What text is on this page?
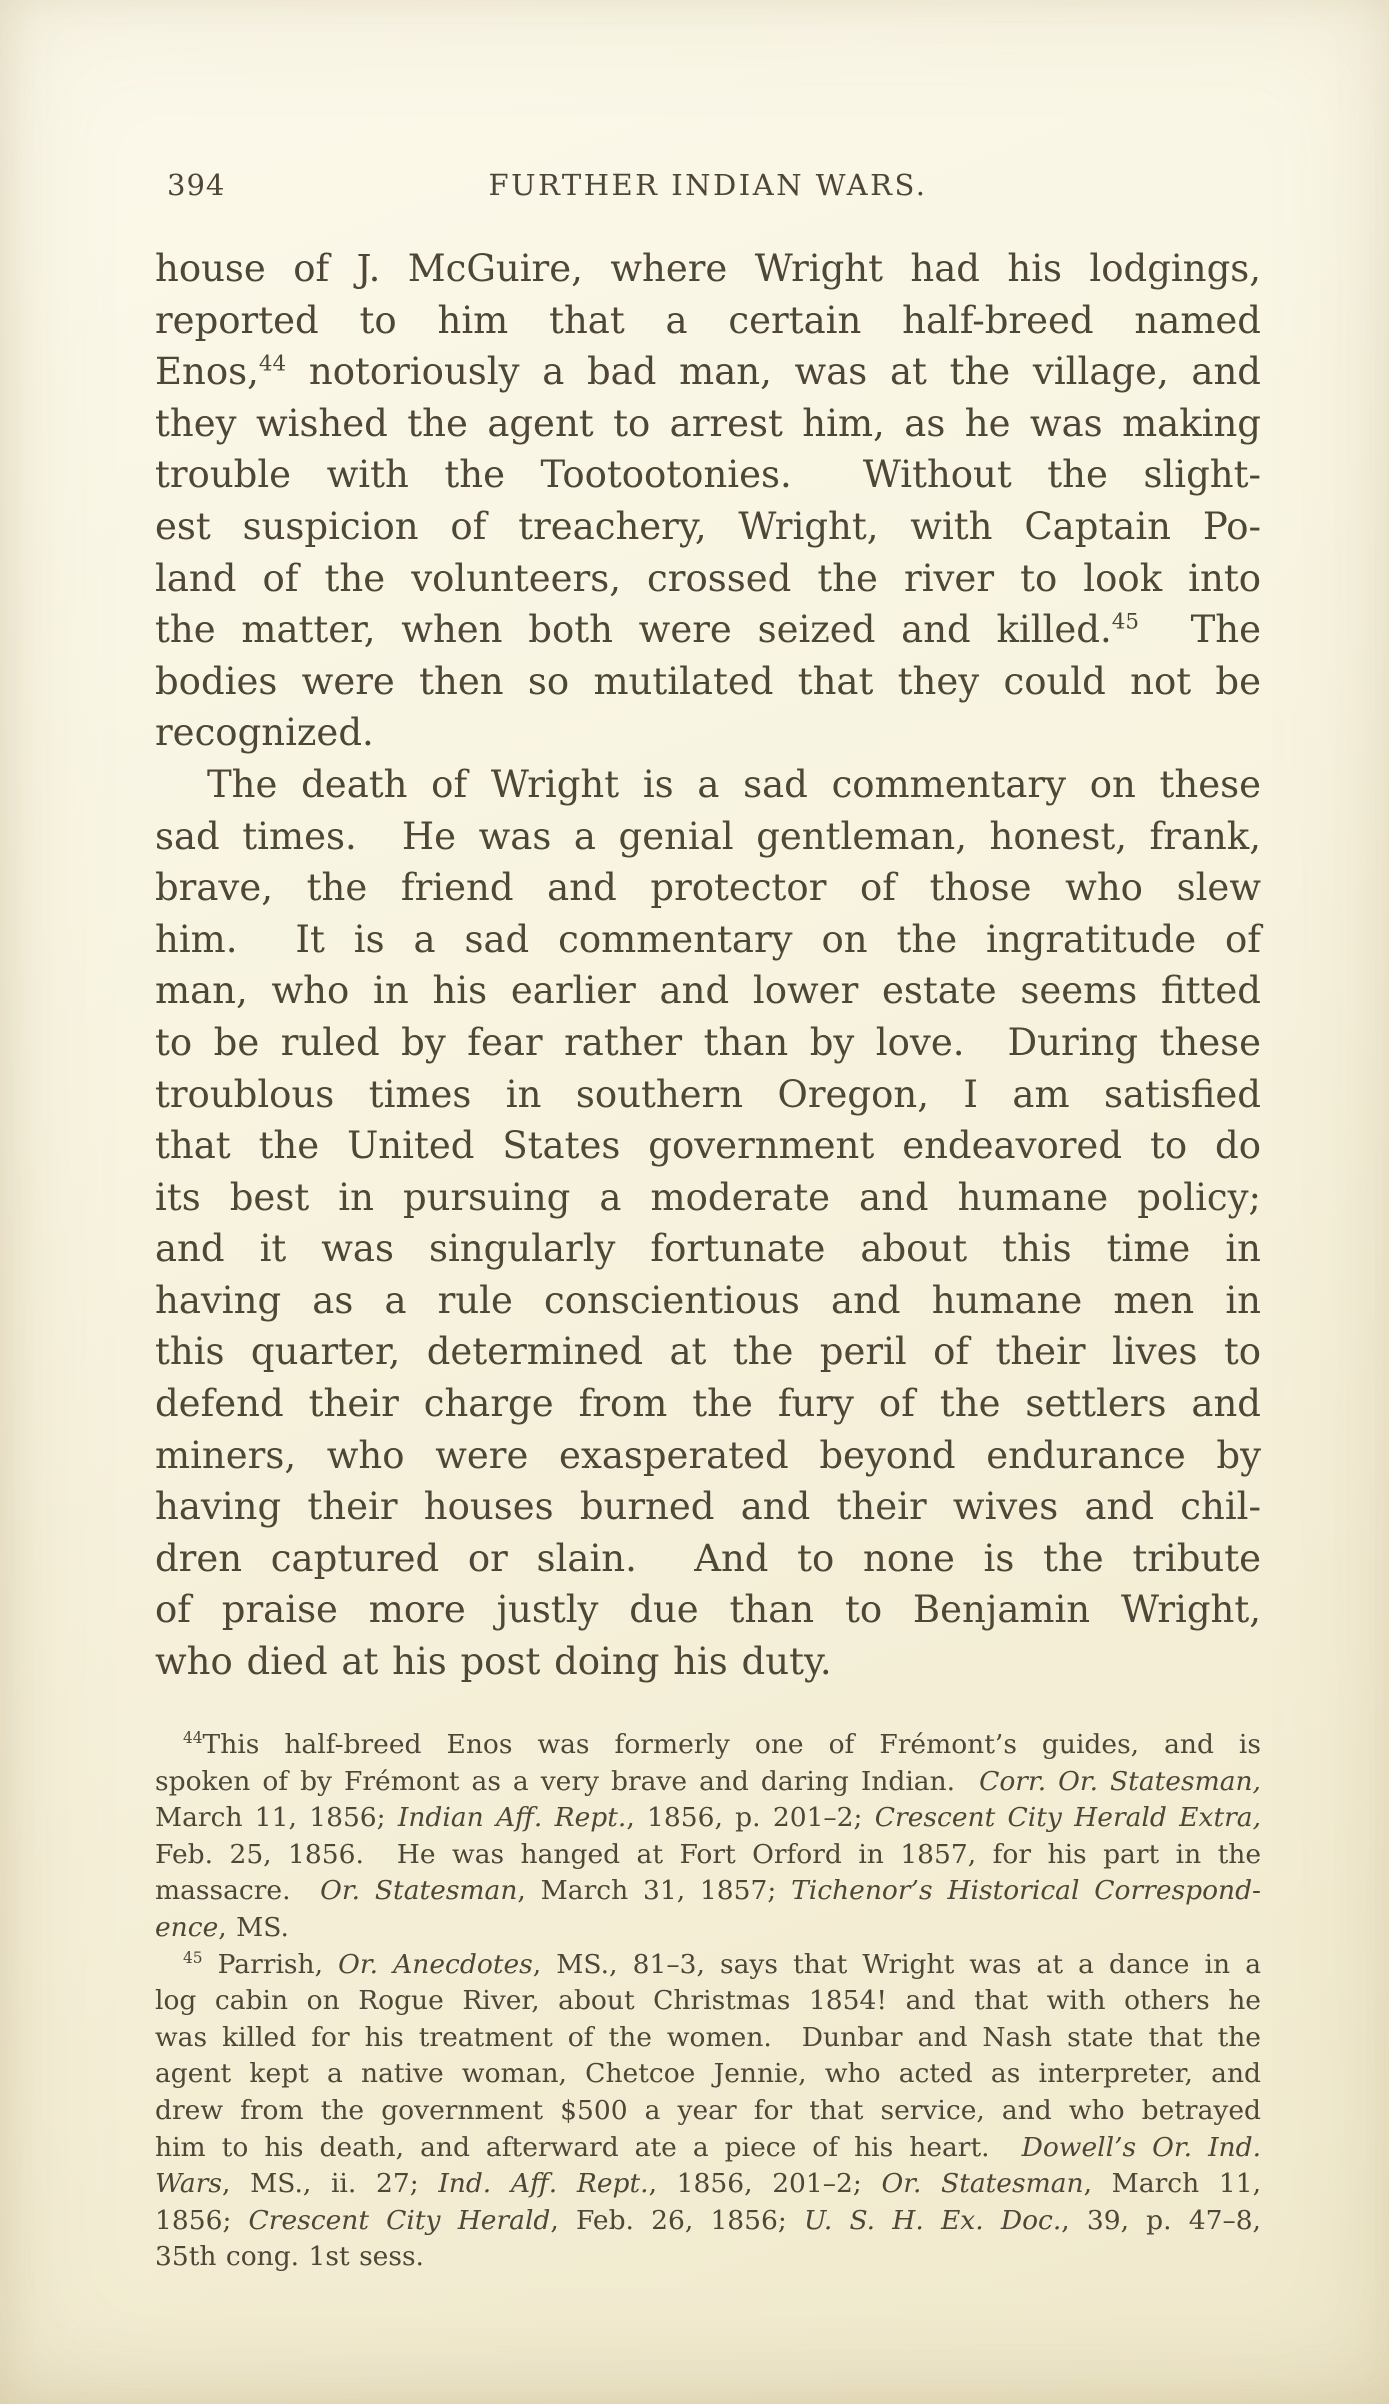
394	FURTHER INDIAN WARS.
house of J. McGuire, where Wright had his lodgings,
reported to him that a certain half-breed named
Enos,$^{44}$ notoriously a bad man, was at the village, and
they wished the agent to arrest him, as he was making
trouble with the Tootootonies.  Without the slight-
est suspicion of treachery, Wright, with Captain Po-
land of the volunteers, crossed the river to look into
the matter, when both were seized and killed.$^{45}$  The
bodies were then so mutilated that they could not be
recognized.
The death of Wright is a sad commentary on these
sad times.  He was a genial gentleman, honest, frank,
brave, the friend and protector of those who slew
him.  It is a sad commentary on the ingratitude of
man, who in his earlier and lower estate seems fitted
to be ruled by fear rather than by love.  During these
troublous times in southern Oregon, I am satisfied
that the United States government endeavored to do
its best in pursuing a moderate and humane policy;
and it was singularly fortunate about this time in
having as a rule conscientious and humane men in
this quarter, determined at the peril of their lives to
defend their charge from the fury of the settlers and
miners, who were exasperated beyond endurance by
having their houses burned and their wives and chil-
dren captured or slain.  And to none is the tribute
of praise more justly due than to Benjamin Wright,
who died at his post doing his duty.
$^{44}$This half-breed Enos was formerly one of Frémont’s guides, and is
spoken of by Frémont as a very brave and daring Indian.  Corr. Or. Statesman,
March 11, 1856; Indian Aff. Rept., 1856, p. 201–2; Crescent City Herald Extra,
Feb. 25, 1856.  He was hanged at Fort Orford in 1857, for his part in the
massacre.  Or. Statesman, March 31, 1857; Tichenor’s Historical Correspond-
ence, MS.
$^{45}$ Parrish, Or. Anecdotes, MS., 81–3, says that Wright was at a dance in a
log cabin on Rogue River, about Christmas 1854! and that with others he
was killed for his treatment of the women.  Dunbar and Nash state that the
agent kept a native woman, Chetcoe Jennie, who acted as interpreter, and
drew from the government $500 a year for that service, and who betrayed
him to his death, and afterward ate a piece of his heart.  Dowell’s Or. Ind.
Wars, MS., ii. 27; Ind. Aff. Rept., 1856, 201–2; Or. Statesman, March 11,
1856; Crescent City Herald, Feb. 26, 1856; U. S. H. Ex. Doc., 39, p. 47–8,
35th cong. 1st sess.
